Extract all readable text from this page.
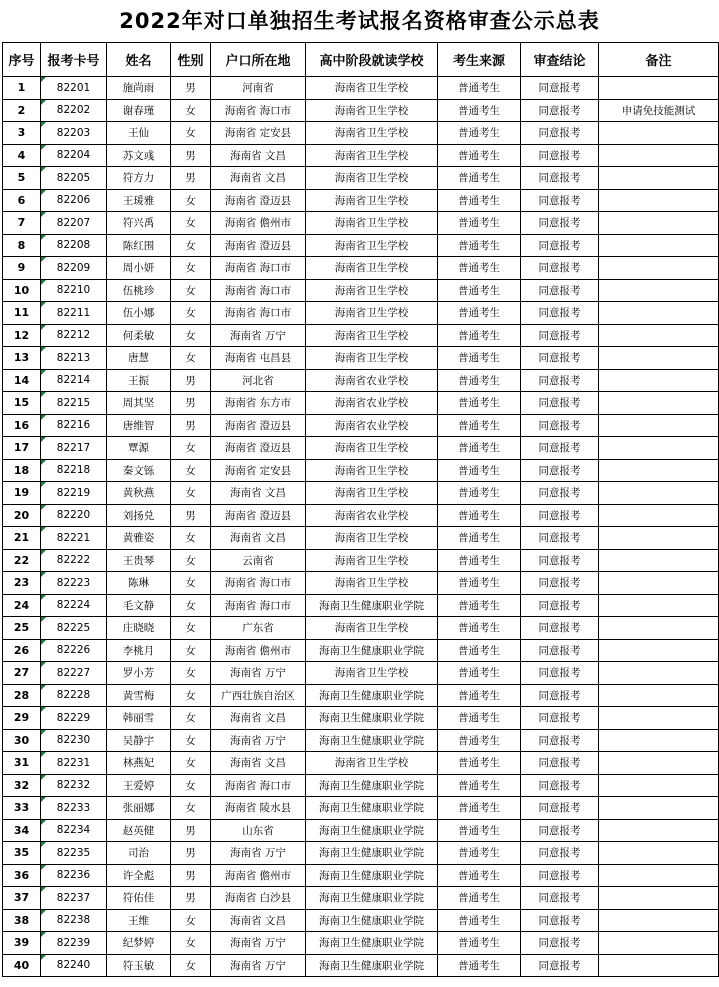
2022年对口单独招生考试报名资格审查公示总表
序号	报考卡号	姓名	性别	户口所在地	高中阶段就读学校	考生来源	审查结论	备注
1	82201	施尚雨	男	河南省	海南省卫生学校	普通考生	同意报考	
2	82202	谢春瑾	女	海南省 海口市	海南省卫生学校	普通考生	同意报考	申请免技能测试
3	82203	王仙	女	海南省 定安县	海南省卫生学校	普通考生	同意报考	
4	82204	苏文彧	男	海南省 文昌	海南省卫生学校	普通考生	同意报考	
5	82205	符方力	男	海南省 文昌	海南省卫生学校	普通考生	同意报考	
6	82206	王瑗雅	女	海南省 澄迈县	海南省卫生学校	普通考生	同意报考	
7	82207	符兴禹	女	海南省 儋州市	海南省卫生学校	普通考生	同意报考	
8	82208	陈红围	女	海南省 澄迈县	海南省卫生学校	普通考生	同意报考	
9	82209	周小妍	女	海南省 海口市	海南省卫生学校	普通考生	同意报考	
10	82210	伍桃珍	女	海南省 海口市	海南省卫生学校	普通考生	同意报考	
11	82211	伍小娜	女	海南省 海口市	海南省卫生学校	普通考生	同意报考	
12	82212	何柔敏	女	海南省 万宁	海南省卫生学校	普通考生	同意报考	
13	82213	唐慧	女	海南省 屯昌县	海南省卫生学校	普通考生	同意报考	
14	82214	王振	男	河北省	海南省农业学校	普通考生	同意报考	
15	82215	周其坚	男	海南省 东方市	海南省农业学校	普通考生	同意报考	
16	82216	唐维智	男	海南省 澄迈县	海南省农业学校	普通考生	同意报考	
17	82217	覃源	女	海南省 澄迈县	海南省卫生学校	普通考生	同意报考	
18	82218	秦文铄	女	海南省 定安县	海南省卫生学校	普通考生	同意报考	
19	82219	黄秋燕	女	海南省 文昌	海南省卫生学校	普通考生	同意报考	
20	82220	刘扬兑	男	海南省 澄迈县	海南省农业学校	普通考生	同意报考	
21	82221	黄雅姿	女	海南省 文昌	海南省卫生学校	普通考生	同意报考	
22	82222	王贵琴	女	云南省	海南省卫生学校	普通考生	同意报考	
23	82223	陈琳	女	海南省 海口市	海南省卫生学校	普通考生	同意报考	
24	82224	毛文静	女	海南省 海口市	海南卫生健康职业学院	普通考生	同意报考	
25	82225	庄晓晓	女	广东省	海南省卫生学校	普通考生	同意报考	
26	82226	李桃月	女	海南省 儋州市	海南卫生健康职业学院	普通考生	同意报考	
27	82227	罗小芳	女	海南省 万宁	海南省卫生学校	普通考生	同意报考	
28	82228	黄雪梅	女	广西壮族自治区	海南卫生健康职业学院	普通考生	同意报考	
29	82229	韩丽雪	女	海南省 文昌	海南卫生健康职业学院	普通考生	同意报考	
30	82230	吴静宇	女	海南省 万宁	海南卫生健康职业学院	普通考生	同意报考	
31	82231	林燕妃	女	海南省 文昌	海南省卫生学校	普通考生	同意报考	
32	82232	王爱婷	女	海南省 海口市	海南卫生健康职业学院	普通考生	同意报考	
33	82233	张丽娜	女	海南省 陵水县	海南卫生健康职业学院	普通考生	同意报考	
34	82234	赵英健	男	山东省	海南卫生健康职业学院	普通考生	同意报考	
35	82235	司治	男	海南省 万宁	海南卫生健康职业学院	普通考生	同意报考	
36	82236	许全彪	男	海南省 儋州市	海南卫生健康职业学院	普通考生	同意报考	
37	82237	符佑佳	男	海南省 白沙县	海南卫生健康职业学院	普通考生	同意报考	
38	82238	王维	女	海南省 文昌	海南卫生健康职业学院	普通考生	同意报考	
39	82239	纪梦婷	女	海南省 万宁	海南卫生健康职业学院	普通考生	同意报考	
40	82240	符玉敏	女	海南省 万宁	海南卫生健康职业学院	普通考生	同意报考	
